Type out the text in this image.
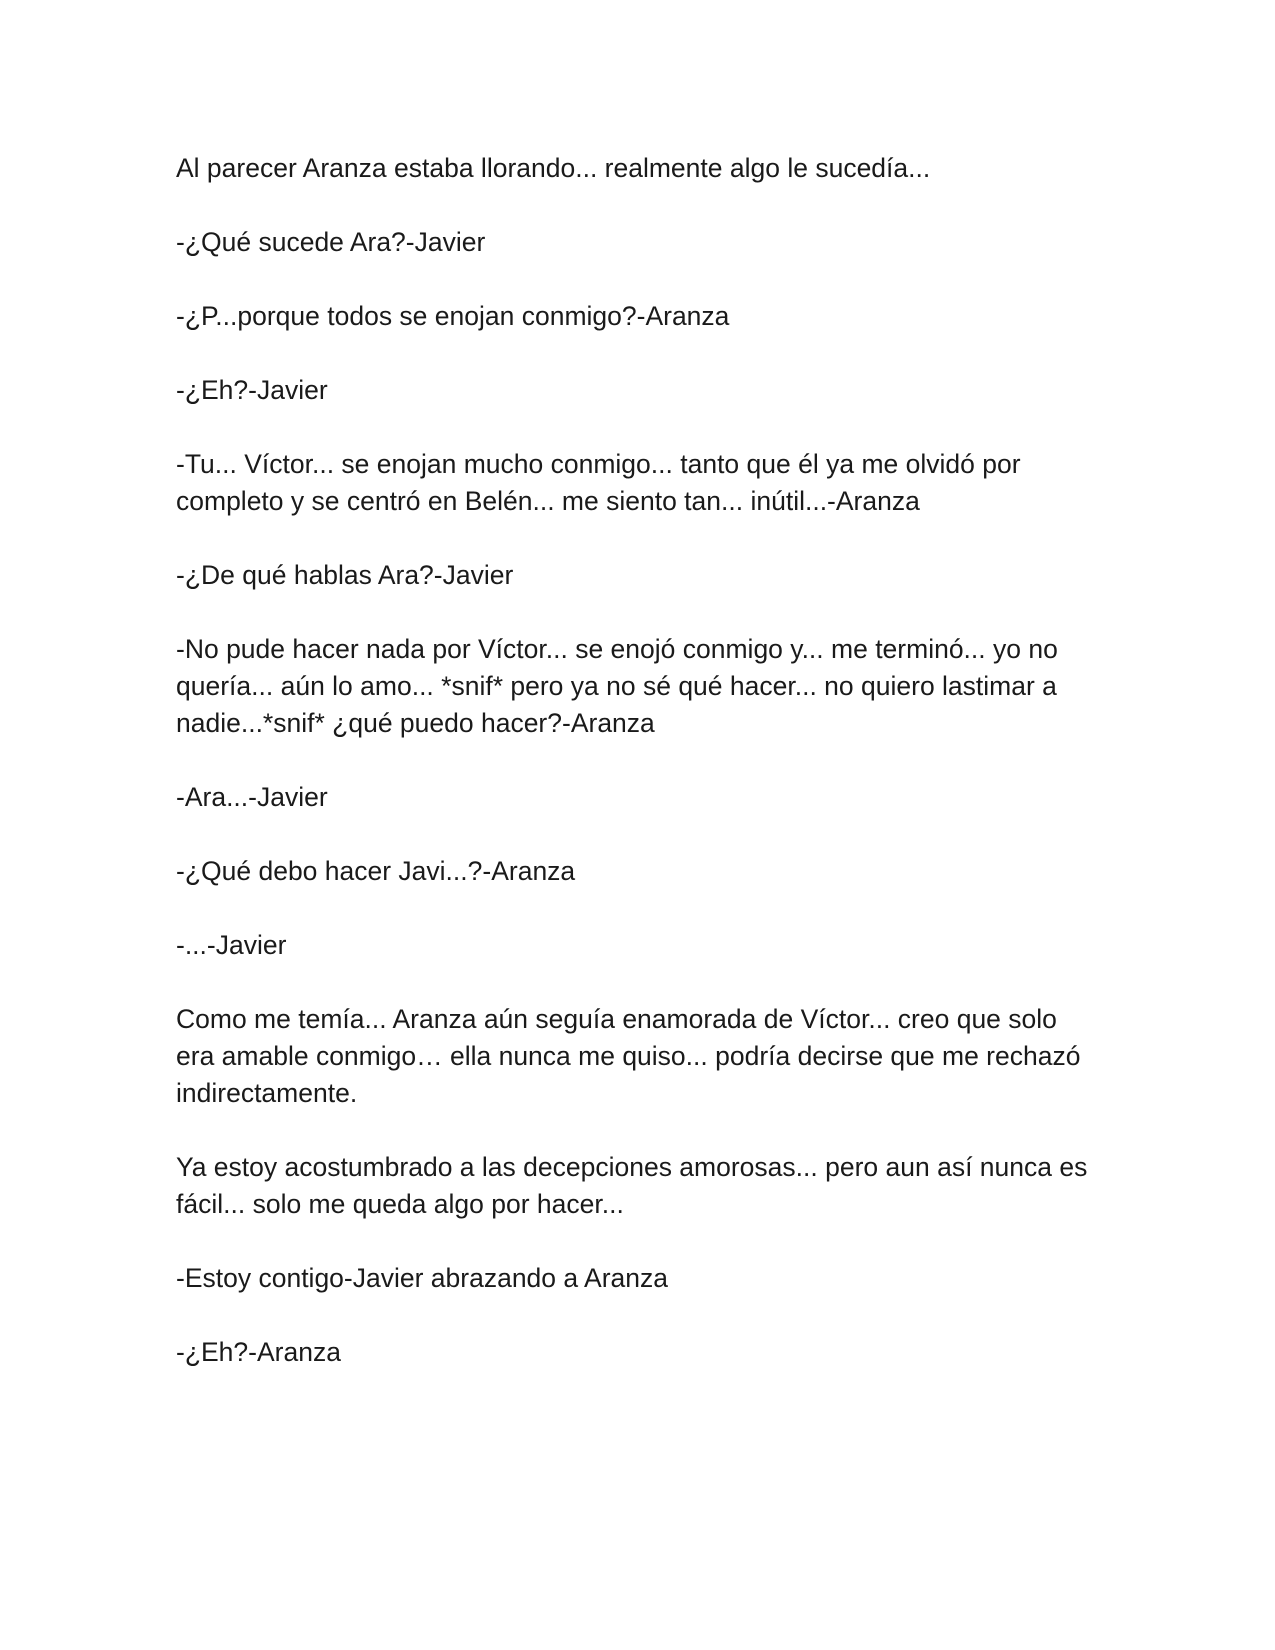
Al parecer Aranza estaba llorando... realmente algo le sucedía...

-¿Qué sucede Ara?-Javier

-¿P...porque todos se enojan conmigo?-Aranza

-¿Eh?-Javier

-Tu... Víctor... se enojan mucho conmigo... tanto que él ya me olvidó por completo y se centró en Belén... me siento tan... inútil...-Aranza

-¿De qué hablas Ara?-Javier

-No pude hacer nada por Víctor... se enojó conmigo y... me terminó... yo no quería... aún lo amo... *snif* pero ya no sé qué hacer... no quiero lastimar a nadie...*snif* ¿qué puedo hacer?-Aranza

-Ara...-Javier

-¿Qué debo hacer Javi...?-Aranza

-...-Javier

Como me temía... Aranza aún seguía enamorada de Víctor... creo que solo era amable conmigo… ella nunca me quiso... podría decirse que me rechazó indirectamente.

Ya estoy acostumbrado a las decepciones amorosas... pero aun así nunca es fácil... solo me queda algo por hacer...

-Estoy contigo-Javier abrazando a Aranza

-¿Eh?-Aranza
